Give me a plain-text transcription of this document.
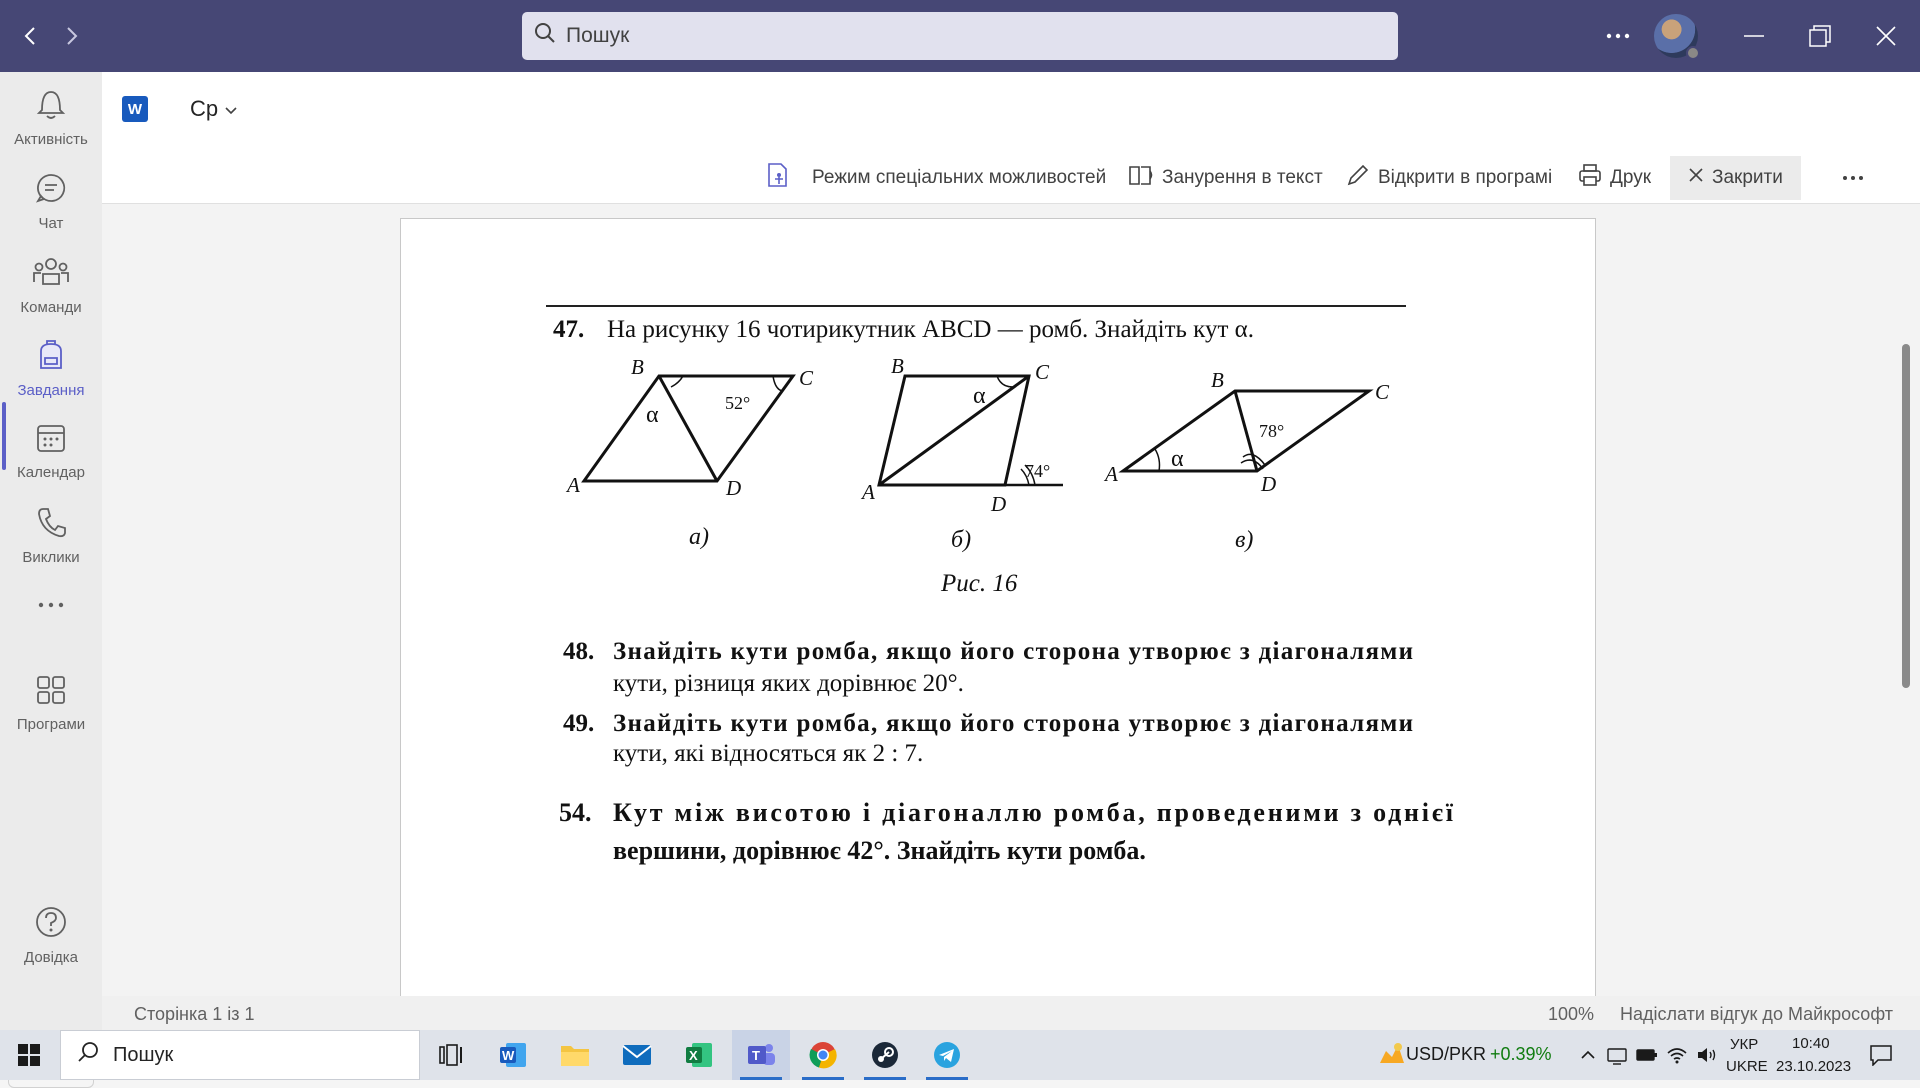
Пошук
Активність
Чат
Команди
Завдання
Календар
Виклики
Програми
Довідка
W Ср
Режим спеціальних можливостей	Занурення в текст	Відкрити в програмі	Друк	Закрити
47. На рисунку 16 чотирикутник ABCD — ромб. Знайдіть кут α.
A
B	C
D
α	52°
а)
A
B	C
D
α
74°
б)
A
B	C
D
α
78°
в)
Рис. 16
48. Знайдіть кути ромба, якщо його сторона утворює з діагоналями
кути, різниця яких дорівнює 20°.
49. Знайдіть кути ромба, якщо його сторона утворює з діагоналями
кути, які відносяться як 2 : 7.
54. Кут між висотою і діагоналлю ромба, проведеними з однієї
вершини, дорівнює 42°. Знайдіть кути ромба.
Сторінка 1 із 1	100% Надіслати відгук до Майкрософт
Пошук	W	X	T	USD/PKR +0.39%	УКР
UKRE
10:40
23.10.2023
